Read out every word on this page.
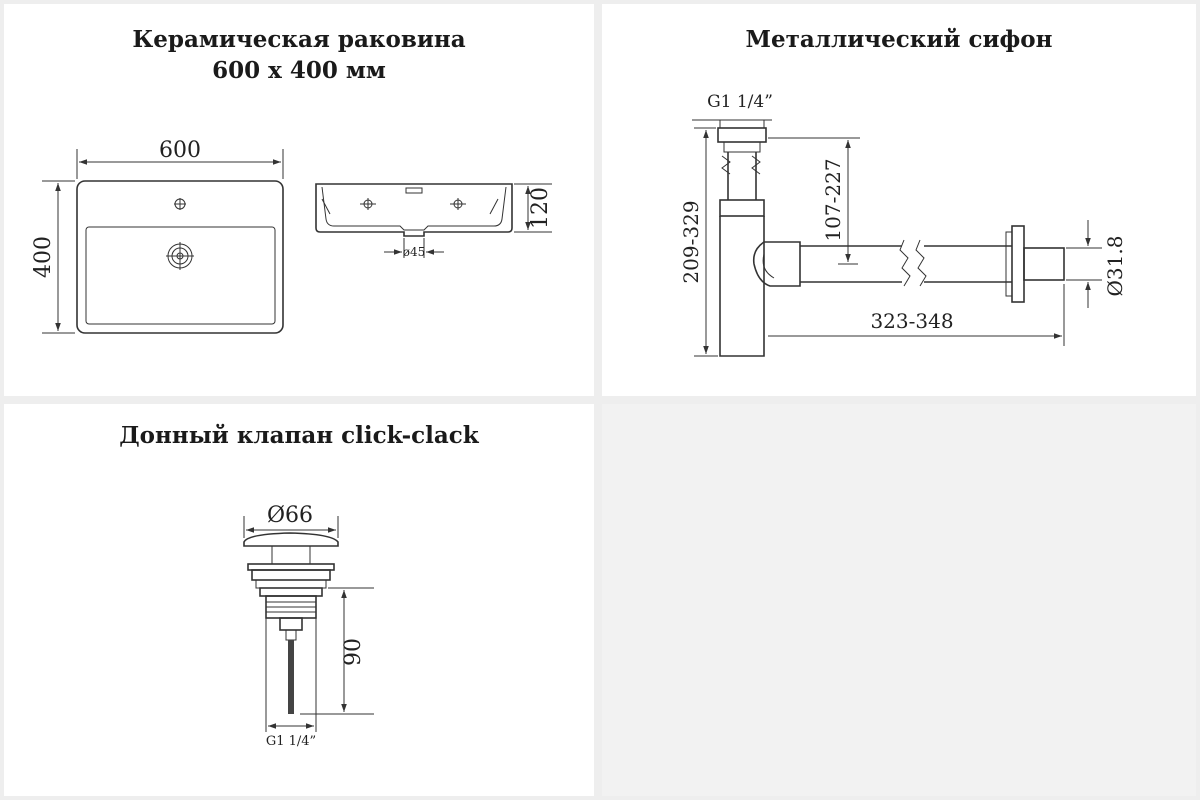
Керамическая раковина
600 x 400 мм
600
400
120
ø45
Металлический сифон
G1 1/4”
209-329
107-227
323-348
Ø31.8
Донный клапан click-clack
Ø66
90
G1 1/4”
